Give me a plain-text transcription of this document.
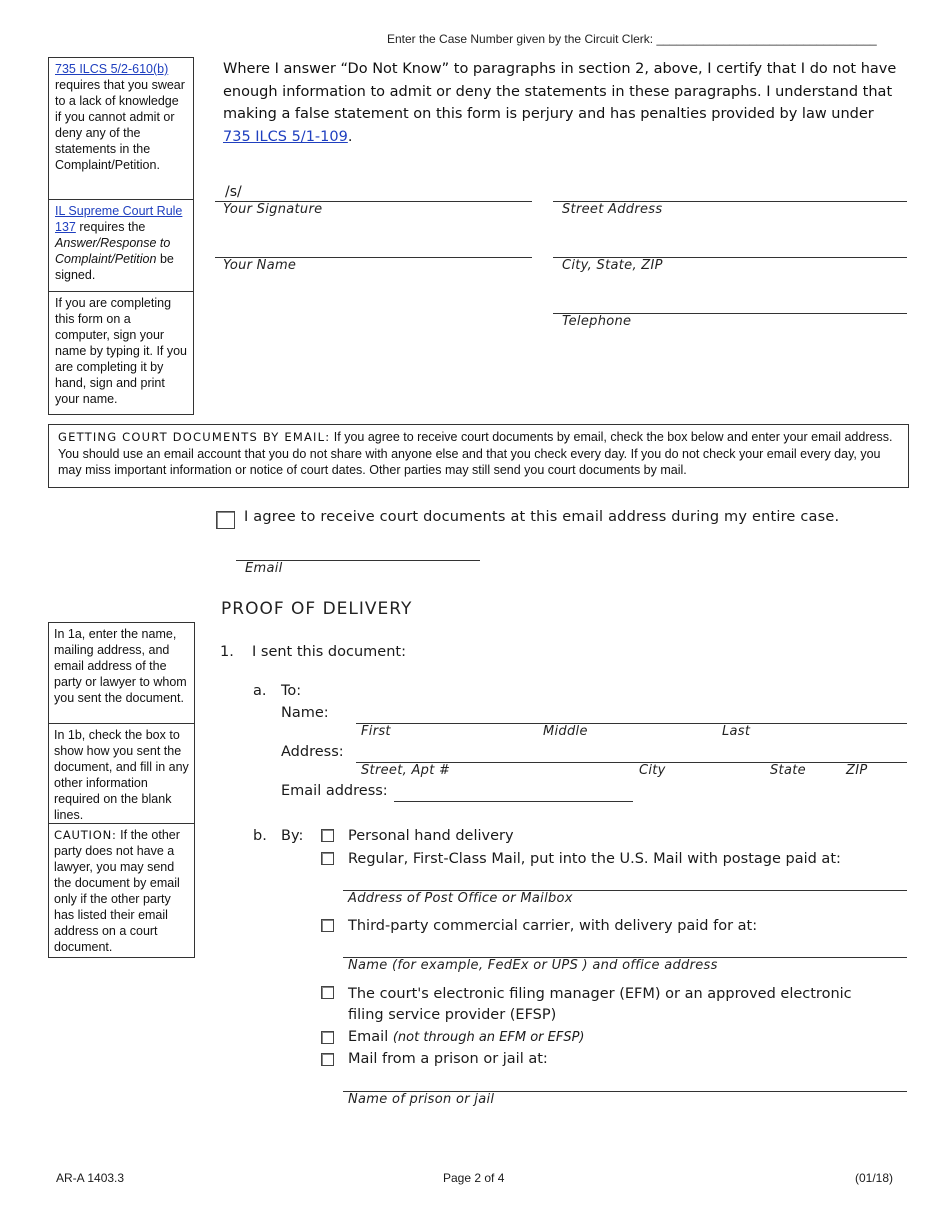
Enter the Case Number given by the Circuit Clerk: _________________________________
735 ILCS 5/2-610(b) requires that you swear to a lack of knowledge if you cannot admit or deny any of the statements in the Complaint/Petition.
IL Supreme Court Rule 137 requires the Answer/Response to Complaint/Petition be signed.
If you are completing this form on a computer, sign your name by typing it. If you are completing it by hand, sign and print your name.
Where I answer “Do Not Know” to paragraphs in section 2, above, I certify that I do not have enough information to admit or deny the statements in these paragraphs. I understand that making a false statement on this form is perjury and has penalties provided by law under 735 ILCS 5/1-109.
/s/
Your Signature	Street Address
Your Name	City, State, ZIP
Telephone
GETTING COURT DOCUMENTS BY EMAIL: If you agree to receive court documents by email, check the box below and enter your email address. You should use an email account that you do not share with anyone else and that you check every day. If you do not check your email every day, you may miss important information or notice of court dates. Other parties may still send you court documents by mail.
I agree to receive court documents at this email address during my entire case.
Email
PROOF OF DELIVERY
In 1a, enter the name, mailing address, and email address of the party or lawyer to whom you sent the document.
In 1b, check the box to show how you sent the document, and fill in any other information required on the blank lines.
CAUTION: If the other party does not have a lawyer, you may send the document by email only if the other party has listed their email address on a court document.
1. I sent this document:
a. To:
Name:
First	Middle	Last
Address:
Street, Apt #	City	State	ZIP
Email address:
b. By:	Personal hand delivery
Regular, First-Class Mail, put into the U.S. Mail with postage paid at:
Address of Post Office or Mailbox
Third-party commercial carrier, with delivery paid for at:
Name (for example, FedEx or UPS ) and office address
The court's electronic filing manager (EFM) or an approved electronic filing service provider (EFSP)
Email (not through an EFM or EFSP)
Mail from a prison or jail at:
Name of prison or jail
AR-A 1403.3	Page 2 of 4	(01/18)
